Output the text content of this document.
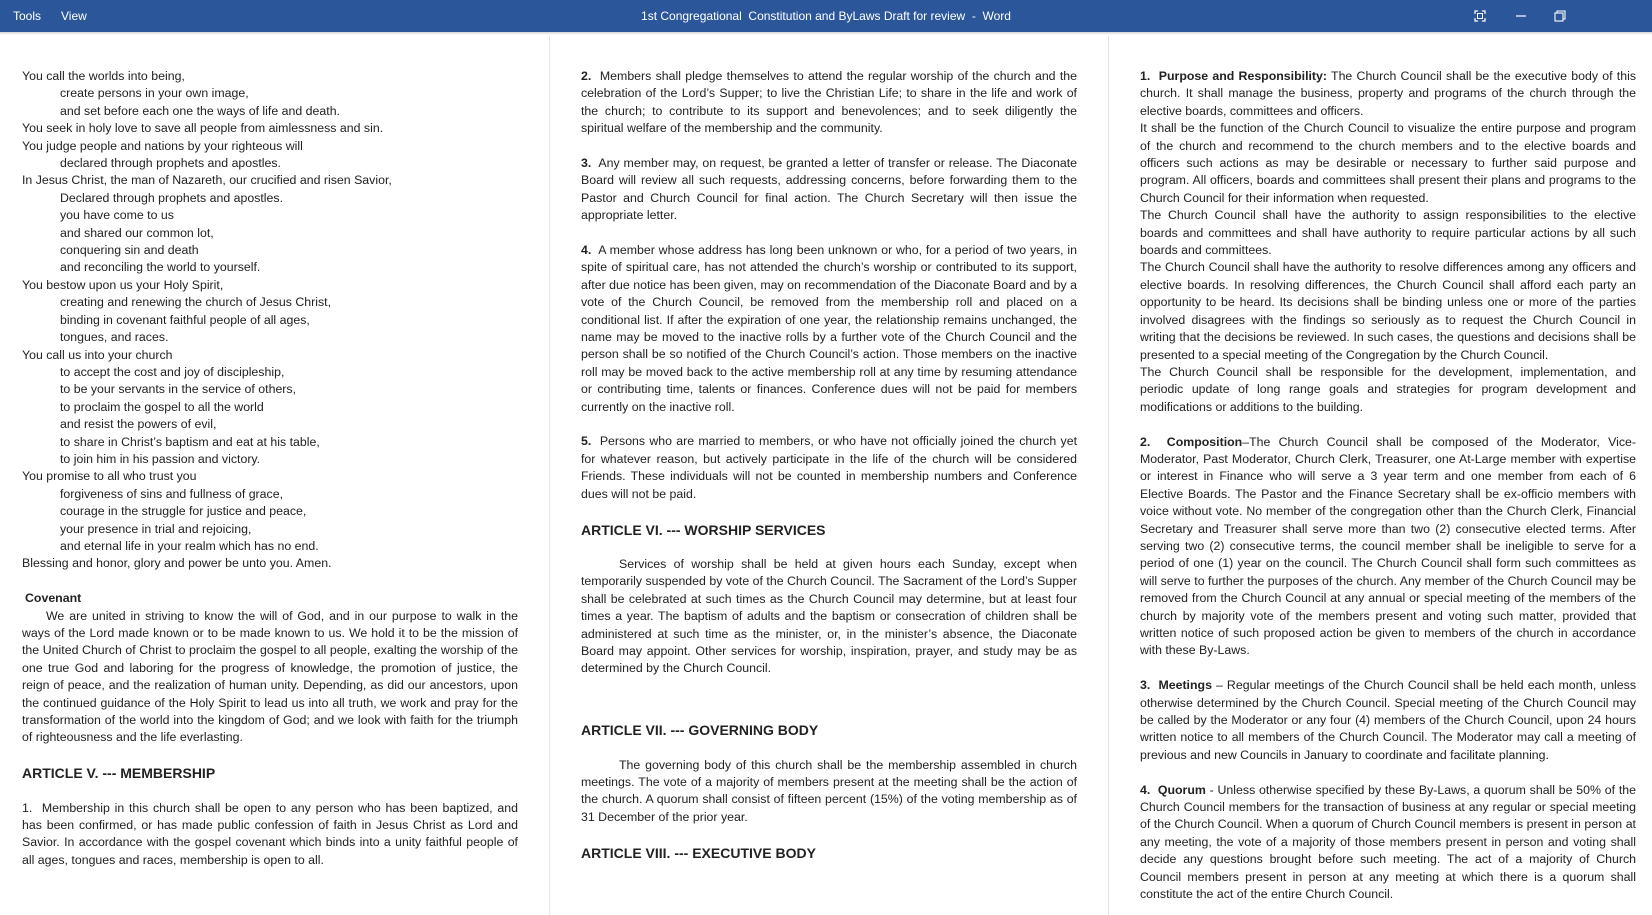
Tools View	1st Congregational  Constitution and ByLaws Draft for review  -  Word

You call the worlds into being,

create persons in your own image,

and set before each one the ways of life and death.

You seek in holy love to save all people from aimlessness and sin.

You judge people and nations by your righteous will

declared through prophets and apostles.

In Jesus Christ, the man of Nazareth, our crucified and risen Savior,

Declared through prophets and apostles.

you have come to us

and shared our common lot,

conquering sin and death

and reconciling the world to yourself.

You bestow upon us your Holy Spirit,

creating and renewing the church of Jesus Christ,

binding in covenant faithful people of all ages,

tongues, and races.

You call us into your church

to accept the cost and joy of discipleship,

to be your servants in the service of others,

to proclaim the gospel to all the world

and resist the powers of evil,

to share in Christ’s baptism and eat at his table,

to join him in his passion and victory.

You promise to all who trust you

forgiveness of sins and fullness of grace,

courage in the struggle for justice and peace,

your presence in trial and rejoicing,

and eternal life in your realm which has no end.

Blessing and honor, glory and power be unto you. Amen.

Covenant

We are united in striving to know the will of God, and in our purpose to walk in the ways of the Lord made known or to be made known to us. We hold it to be the mission of the United Church of Christ to proclaim the gospel to all people, exalting the worship of the one true God and laboring for the progress of knowledge, the promotion of justice, the reign of peace, and the realization of human unity. Depending, as did our ancestors, upon the continued guidance of the Holy Spirit to lead us into all truth, we work and pray for the transformation of the world into the kingdom of God; and we look with faith for the triumph of righteousness and the life everlasting.

ARTICLE V. --- MEMBERSHIP

1. Membership in this church shall be open to any person who has been baptized, and has been confirmed, or has made public confession of faith in Jesus Christ as Lord and Savior. In accordance with the gospel covenant which binds into a unity faithful people of all ages, tongues and races, membership is open to all.

2. Members shall pledge themselves to attend the regular worship of the church and the celebration of the Lord’s Supper; to live the Christian Life; to share in the life and work of the church; to contribute to its support and benevolences; and to seek diligently the spiritual welfare of the membership and the community.

3. Any member may, on request, be granted a letter of transfer or release. The Diaconate Board will review all such requests, addressing concerns, before forwarding them to the Pastor and Church Council for final action. The Church Secretary will then issue the appropriate letter.

4. A member whose address has long been unknown or who, for a period of two years, in spite of spiritual care, has not attended the church’s worship or contributed to its support, after due notice has been given, may on recommendation of the Diaconate Board and by a vote of the Church Council, be removed from the membership roll and placed on a conditional list. If after the expiration of one year, the relationship remains unchanged, the name may be moved to the inactive rolls by a further vote of the Church Council and the person shall be so notified of the Church Council’s action. Those members on the inactive roll may be moved back to the active membership roll at any time by resuming attendance or contributing time, talents or finances. Conference dues will not be paid for members currently on the inactive roll.

5. Persons who are married to members, or who have not officially joined the church yet for whatever reason, but actively participate in the life of the church will be considered Friends. These individuals will not be counted in membership numbers and Conference dues will not be paid.

ARTICLE VI. --- WORSHIP SERVICES

Services of worship shall be held at given hours each Sunday, except when temporarily suspended by vote of the Church Council. The Sacrament of the Lord’s Supper shall be celebrated at such times as the Church Council may determine, but at least four times a year. The baptism of adults and the baptism or consecration of children shall be administered at such time as the minister, or, in the minister’s absence, the Diaconate Board may appoint. Other services for worship, inspiration, prayer, and study may be as determined by the Church Council.

ARTICLE VII. --- GOVERNING BODY

The governing body of this church shall be the membership assembled in church meetings. The vote of a majority of members present at the meeting shall be the action of the church. A quorum shall consist of fifteen percent (15%) of the voting membership as of 31 December of the prior year.

ARTICLE VIII. --- EXECUTIVE BODY

1. Purpose and Responsibility: The Church Council shall be the executive body of this church. It shall manage the business, property and programs of the church through the elective boards, committees and officers.

It shall be the function of the Church Council to visualize the entire purpose and program of the church and recommend to the church members and to the elective boards and officers such actions as may be desirable or necessary to further said purpose and program. All officers, boards and committees shall present their plans and programs to the Church Council for their information when requested.

The Church Council shall have the authority to assign responsibilities to the elective boards and committees and shall have authority to require particular actions by all such boards and committees.

The Church Council shall have the authority to resolve differences among any officers and elective boards. In resolving differences, the Church Council shall afford each party an opportunity to be heard. Its decisions shall be binding unless one or more of the parties involved disagrees with the findings so seriously as to request the Church Council in writing that the decisions be reviewed. In such cases, the questions and decisions shall be presented to a special meeting of the Congregation by the Church Council.

The Church Council shall be responsible for the development, implementation, and periodic update of long range goals and strategies for program development and modifications or additions to the building.

2. Composition–The Church Council shall be composed of the Moderator, Vice-Moderator, Past Moderator, Church Clerk, Treasurer, one At-Large member with expertise or interest in Finance who will serve a 3 year term and one member from each of 6 Elective Boards. The Pastor and the Finance Secretary shall be ex-officio members with voice without vote. No member of the congregation other than the Church Clerk, Financial Secretary and Treasurer shall serve more than two (2) consecutive elected terms. After serving two (2) consecutive terms, the council member shall be ineligible to serve for a period of one (1) year on the council. The Church Council shall form such committees as will serve to further the purposes of the church. Any member of the Church Council may be removed from the Church Council at any annual or special meeting of the members of the church by majority vote of the members present and voting such matter, provided that written notice of such proposed action be given to members of the church in accordance with these By-Laws.

3. Meetings – Regular meetings of the Church Council shall be held each month, unless otherwise determined by the Church Council. Special meeting of the Church Council may be called by the Moderator or any four (4) members of the Church Council, upon 24 hours written notice to all members of the Church Council. The Moderator may call a meeting of previous and new Councils in January to coordinate and facilitate planning.

4. Quorum - Unless otherwise specified by these By-Laws, a quorum shall be 50% of the Church Council members for the transaction of business at any regular or special meeting of the Church Council. When a quorum of Church Council members is present in person at any meeting, the vote of a majority of those members present in person and voting shall decide any questions brought before such meeting. The act of a majority of Church Council members present in person at any meeting at which there is a quorum shall constitute the act of the entire Church Council.
